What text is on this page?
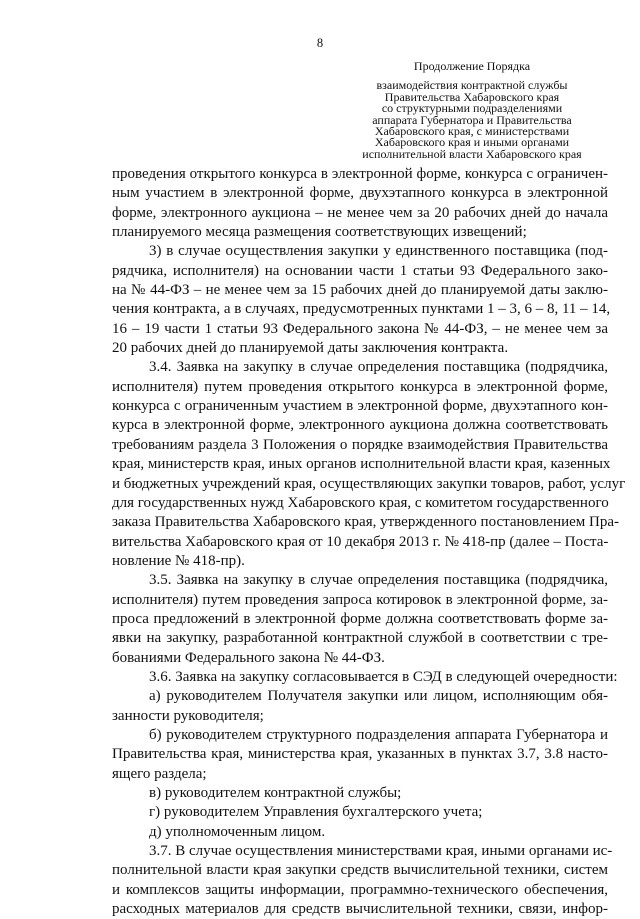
8
Продолжение Порядка
взаимодействия контрактной службы
Правительства Хабаровского края
со структурными подразделениями
аппарата Губернатора и Правительства
Хабаровского края, с министерствами
Хабаровского края и иными органами
исполнительной власти Хабаровского края
проведения открытого конкурса в электронной форме, конкурса с ограничен-
ным участием в электронной форме, двухэтапного конкурса в электронной
форме, электронного аукциона – не менее чем за 20 рабочих дней до начала
планируемого месяца размещения соответствующих извещений;
3) в случае осуществления закупки у единственного поставщика (под-
рядчика, исполнителя) на основании части 1 статьи 93 Федерального зако-
на № 44-ФЗ – не менее чем за 15 рабочих дней до планируемой даты заклю-
чения контракта, а в случаях, предусмотренных пунктами 1 – 3, 6 – 8, 11 – 14,
16 – 19 части 1 статьи 93 Федерального закона № 44-ФЗ, – не менее чем за
20 рабочих дней до планируемой даты заключения контракта.
3.4. Заявка на закупку в случае определения поставщика (подрядчика,
исполнителя) путем проведения открытого конкурса в электронной форме,
конкурса с ограниченным участием в электронной форме, двухэтапного кон-
курса в электронной форме, электронного аукциона должна соответствовать
требованиям раздела 3 Положения о порядке взаимодействия Правительства
края, министерств края, иных органов исполнительной власти края, казенных
и бюджетных учреждений края, осуществляющих закупки товаров, работ, услуг
для государственных нужд Хабаровского края, с комитетом государственного
заказа Правительства Хабаровского края, утвержденного постановлением Пра-
вительства Хабаровского края от 10 декабря 2013 г. № 418-пр (далее – Поста-
новление № 418-пр).
3.5. Заявка на закупку в случае определения поставщика (подрядчика,
исполнителя) путем проведения запроса котировок в электронной форме, за-
проса предложений в электронной форме должна соответствовать форме за-
явки на закупку, разработанной контрактной службой в соответствии с тре-
бованиями Федерального закона № 44-ФЗ.
3.6. Заявка на закупку согласовывается в СЭД в следующей очередности:
а) руководителем Получателя закупки или лицом, исполняющим обя-
занности руководителя;
б) руководителем структурного подразделения аппарата Губернатора и
Правительства края, министерства края, указанных в пунктах 3.7, 3.8 насто-
ящего раздела;
в) руководителем контрактной службы;
г) руководителем Управления бухгалтерского учета;
д) уполномоченным лицом.
3.7. В случае осуществления министерствами края, иными органами ис-
полнительной власти края закупки средств вычислительной техники, систем
и комплексов защиты информации, программно-технического обеспечения,
расходных материалов для средств вычислительной техники, связи, инфор-
